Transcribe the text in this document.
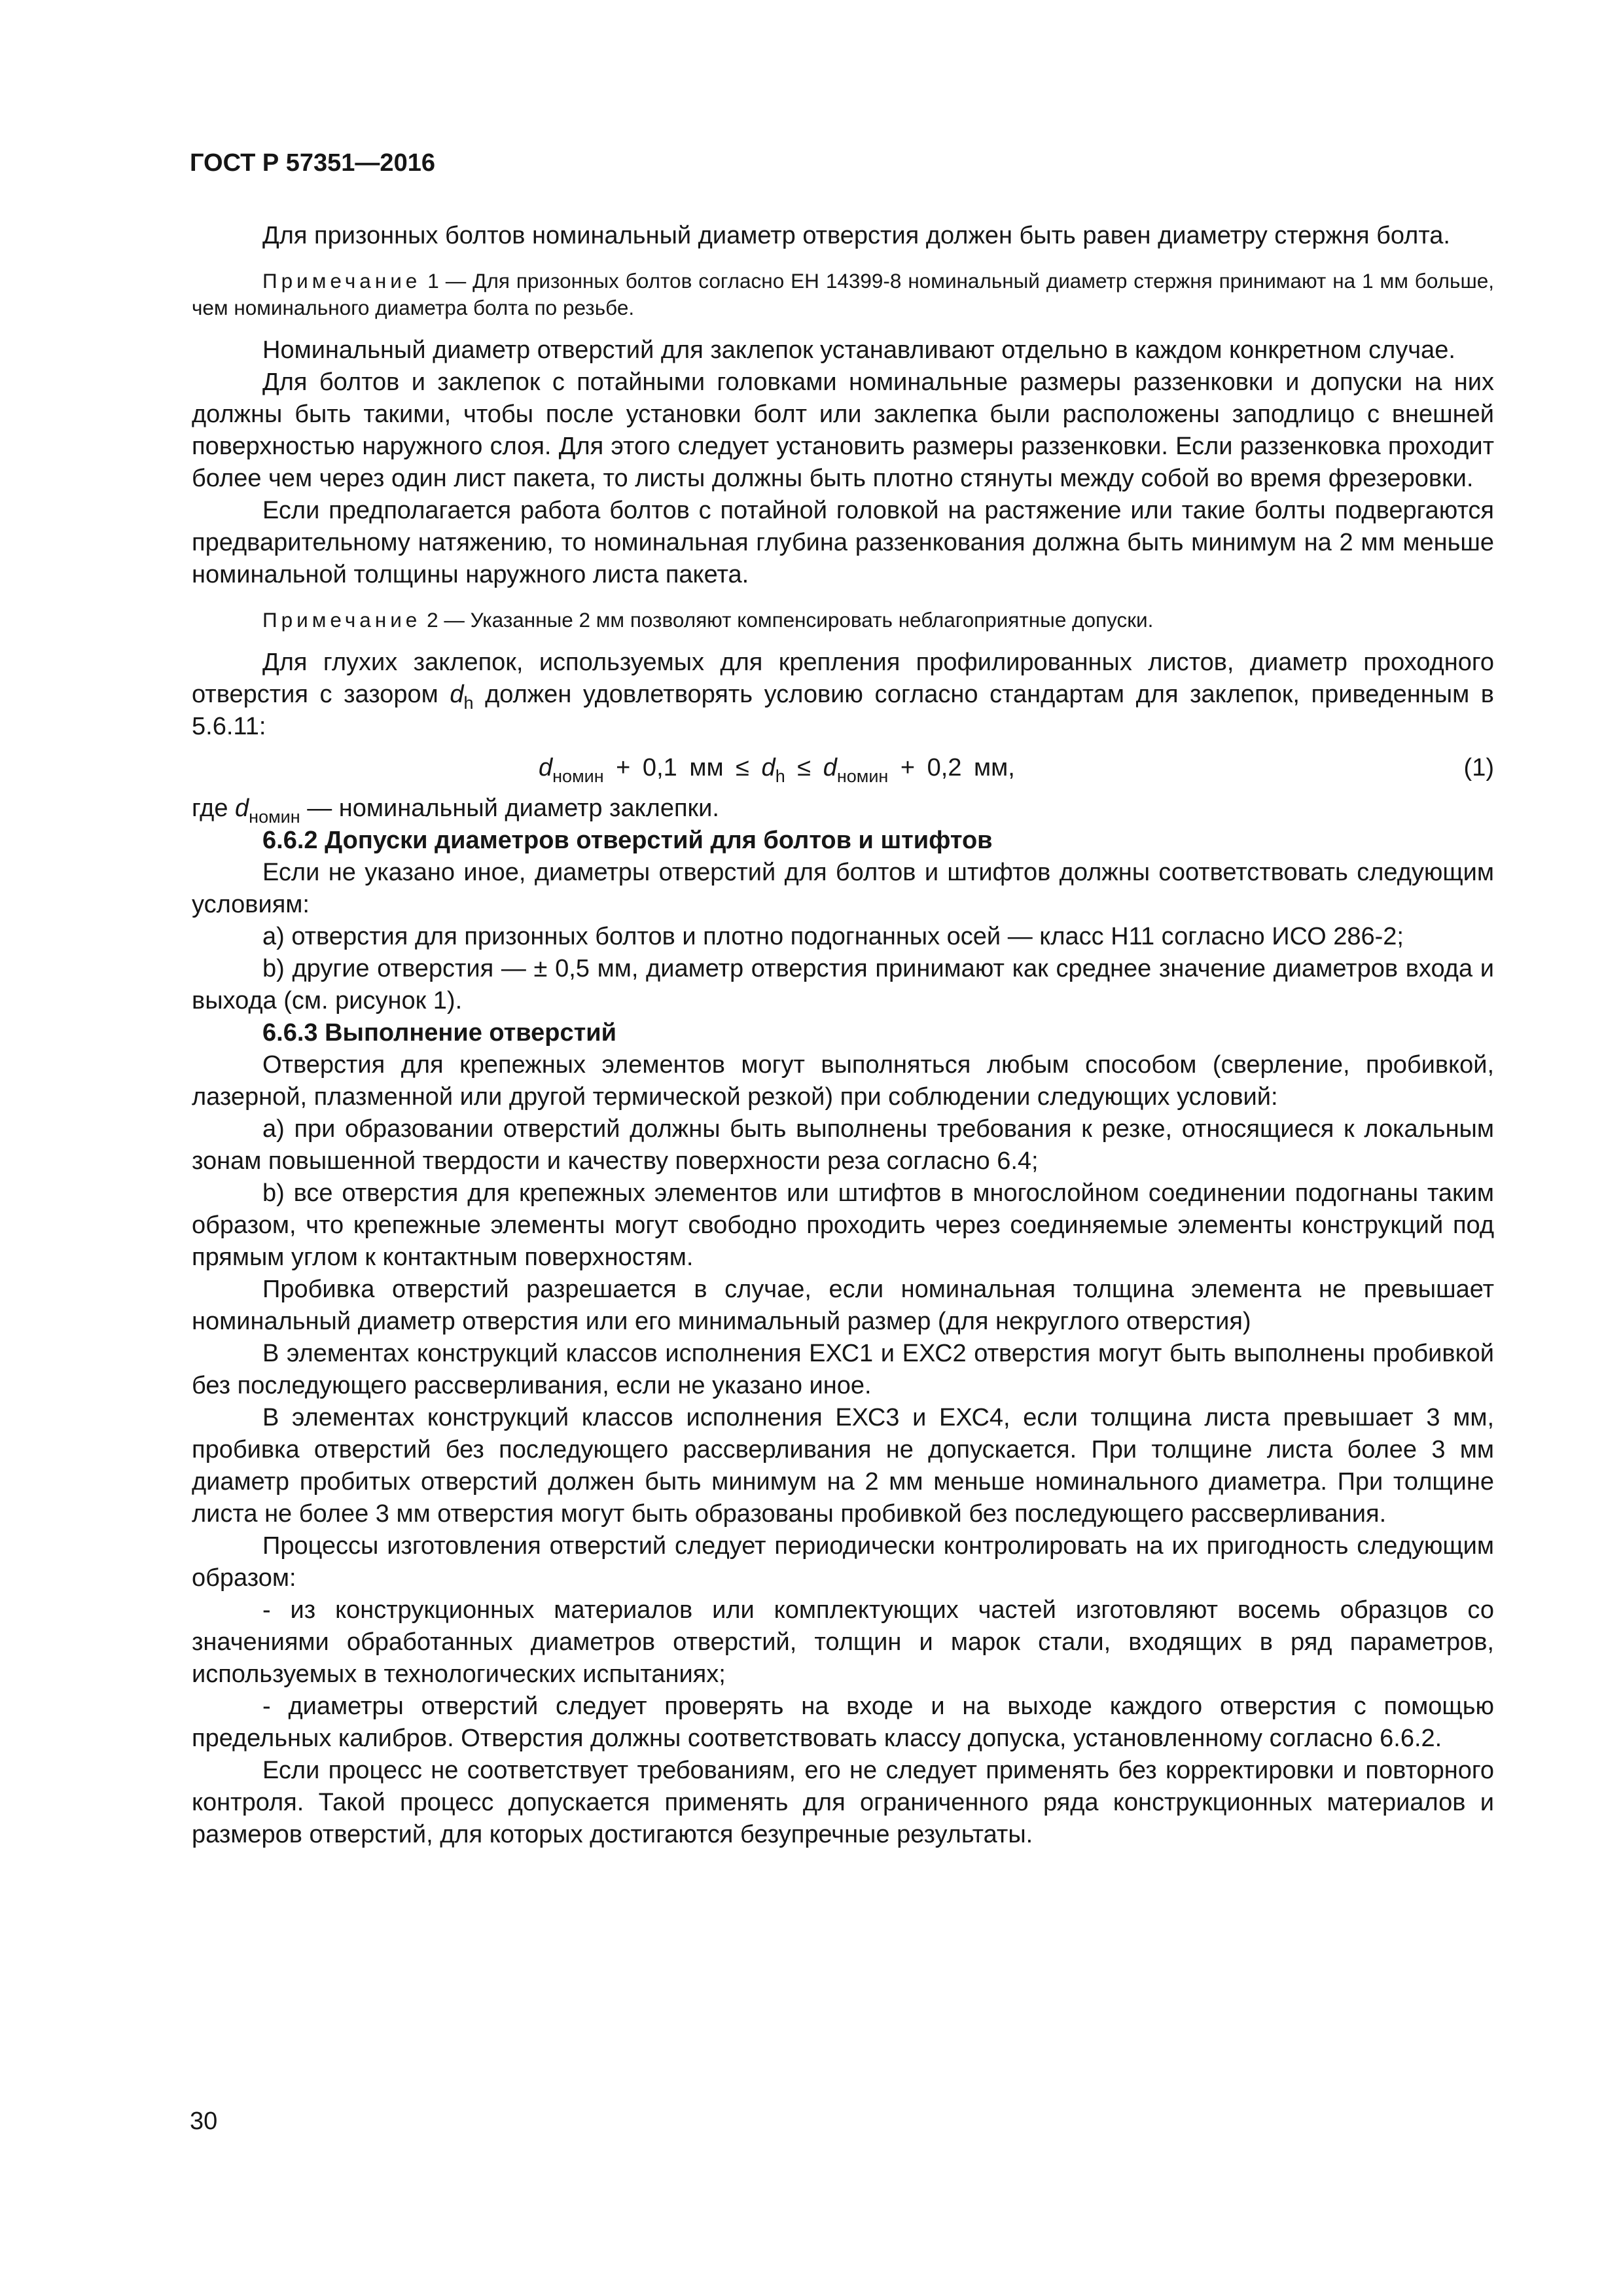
ГОСТ Р 57351—2016

Для призонных болтов номинальный диаметр отверстия должен быть равен диаметру стержня болта.

Примечание 1 — Для призонных болтов согласно ЕН 14399-8 номинальный диаметр стержня принимают на 1 мм больше, чем номинального диаметра болта по резьбе.

Номинальный диаметр отверстий для заклепок устанавливают отдельно в каждом конкретном случае.

Для болтов и заклепок с потайными головками номинальные размеры раззенковки и допуски на них должны быть такими, чтобы после установки болт или заклепка были расположены заподлицо с внешней поверхностью наружного слоя. Для этого следует установить размеры раззенковки. Если раззенковка проходит более чем через один лист пакета, то листы должны быть плотно стянуты между собой во время фрезеровки.

Если предполагается работа болтов с потайной головкой на растяжение или такие болты подвергаются предварительному натяжению, то номинальная глубина раззенкования должна быть минимум на 2 мм меньше номинальной толщины наружного листа пакета.

Примечание 2 — Указанные 2 мм позволяют компенсировать неблагоприятные допуски.

Для глухих заклепок, используемых для крепления профилированных листов, диаметр проходного отверстия с зазором $d_h$ должен удовлетворять условию согласно стандартам для заклепок, приведенным в 5.6.11:

$d_{номин} + 0,1$ мм ≤ $d_h \le d_{номин} + 0,2$ мм,	(1)

где $d_{номин}$ — номинальный диаметр заклепки.

6.6.2 Допуски диаметров отверстий для болтов и штифтов

Если не указано иное, диаметры отверстий для болтов и штифтов должны соответствовать следующим условиям:

a) отверстия для призонных болтов и плотно подогнанных осей — класс Н11 согласно ИСО 286-2;

b) другие отверстия — ± 0,5 мм, диаметр отверстия принимают как среднее значение диаметров входа и выхода (см. рисунок 1).

6.6.3 Выполнение отверстий

Отверстия для крепежных элементов могут выполняться любым способом (сверление, пробивкой, лазерной, плазменной или другой термической резкой) при соблюдении следующих условий:

a) при образовании отверстий должны быть выполнены требования к резке, относящиеся к локальным зонам повышенной твердости и качеству поверхности реза согласно 6.4;

b) все отверстия для крепежных элементов или штифтов в многослойном соединении подогнаны таким образом, что крепежные элементы могут свободно проходить через соединяемые элементы конструкций под прямым углом к контактным поверхностям.

Пробивка отверстий разрешается в случае, если номинальная толщина элемента не превышает номинальный диаметр отверстия или его минимальный размер (для некруглого отверстия)

В элементах конструкций классов исполнения ЕХС1 и ЕХС2 отверстия могут быть выполнены пробивкой без последующего рассверливания, если не указано иное.

В элементах конструкций классов исполнения ЕХС3 и ЕХС4, если толщина листа превышает 3 мм, пробивка отверстий без последующего рассверливания не допускается. При толщине листа более 3 мм диаметр пробитых отверстий должен быть минимум на 2 мм меньше номинального диаметра. При толщине листа не более 3 мм отверстия могут быть образованы пробивкой без последующего рассверливания.

Процессы изготовления отверстий следует периодически контролировать на их пригодность следующим образом:

- из конструкционных материалов или комплектующих частей изготовляют восемь образцов со значениями обработанных диаметров отверстий, толщин и марок стали, входящих в ряд параметров, используемых в технологических испытаниях;

- диаметры отверстий следует проверять на входе и на выходе каждого отверстия с помощью предельных калибров. Отверстия должны соответствовать классу допуска, установленному согласно 6.6.2.

Если процесс не соответствует требованиям, его не следует применять без корректировки и повторного контроля. Такой процесс допускается применять для ограниченного ряда конструкционных материалов и размеров отверстий, для которых достигаются безупречные результаты.

30
